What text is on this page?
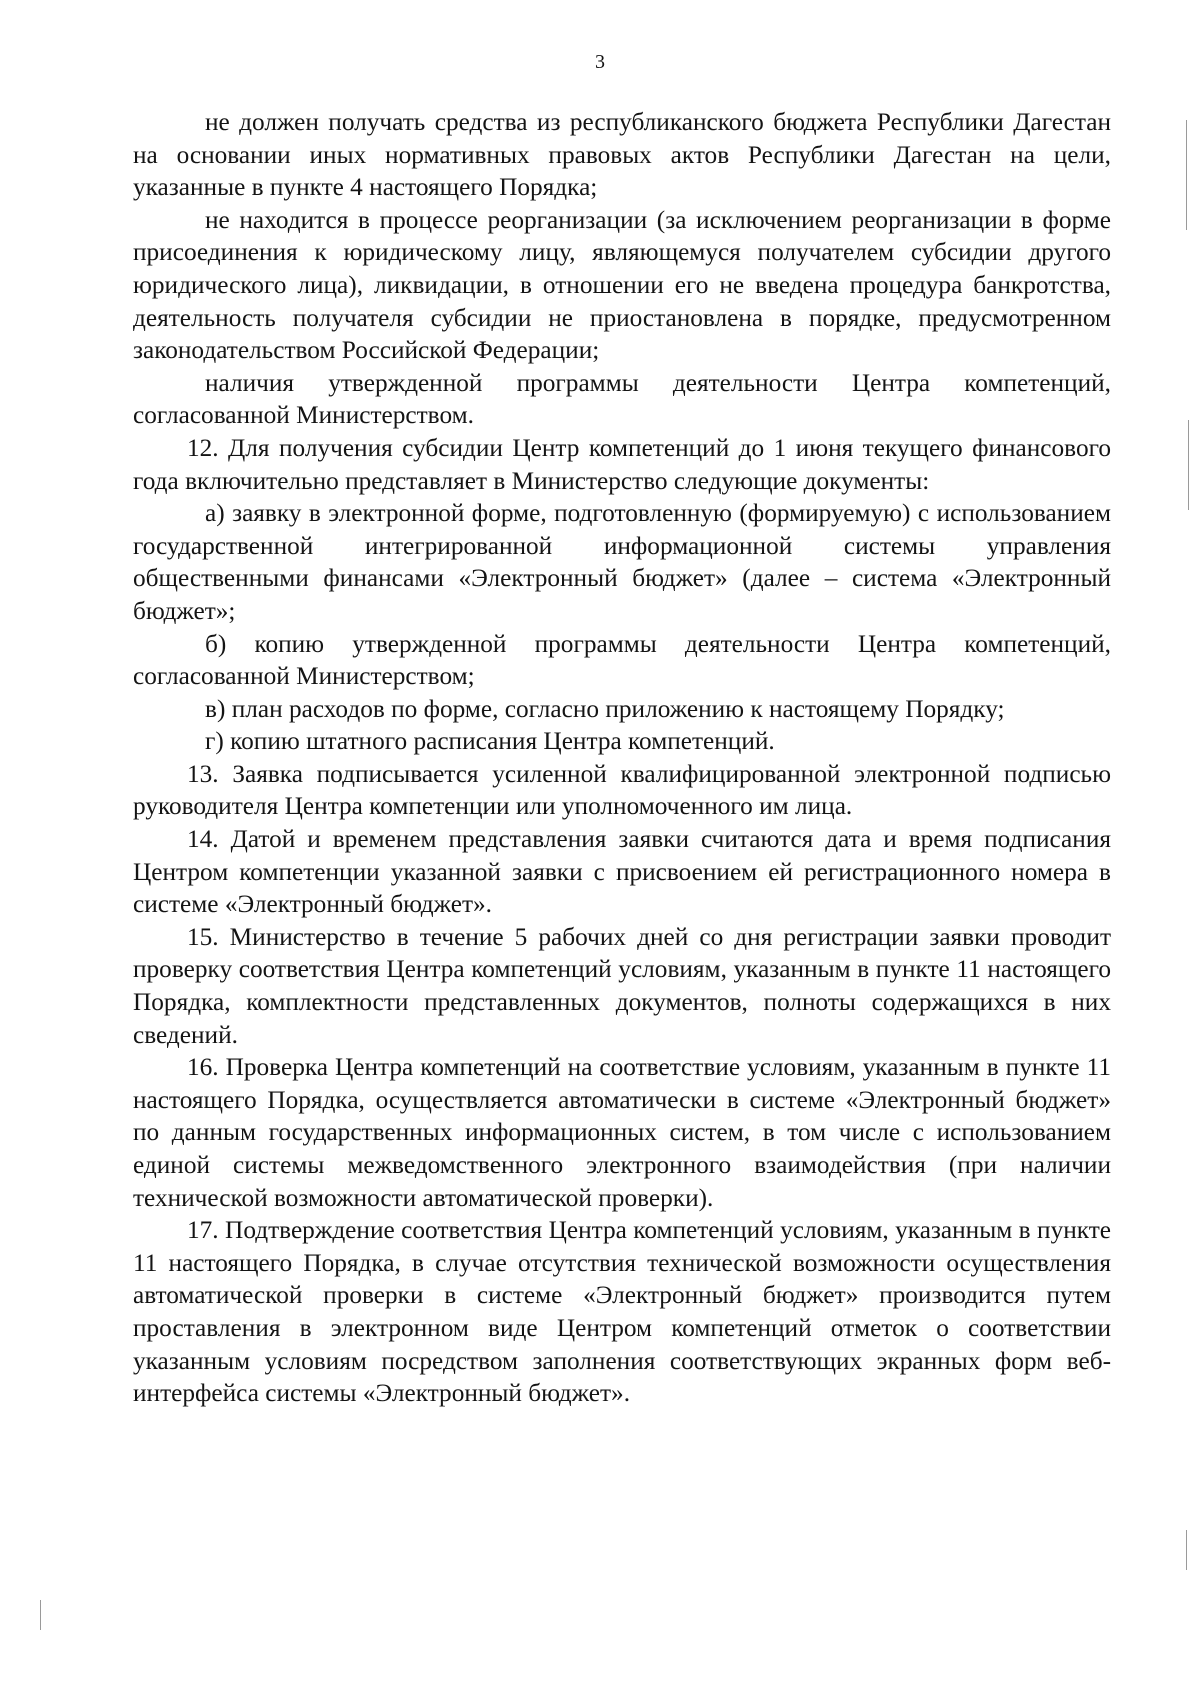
3

не должен получать средства из республиканского бюджета Республики Дагестан на основании иных нормативных правовых актов Республики Дагестан на цели, указанные в пункте 4 настоящего Порядка;

не находится в процессе реорганизации (за исключением реорганизации в форме присоединения к юридическому лицу, являющемуся получателем субсидии другого юридического лица), ликвидации, в отношении его не введена процедура банкротства, деятельность получателя субсидии не приостановлена в порядке, предусмотренном законодательством Российской Федерации;

наличия утвержденной программы деятельности Центра компетенций, согласованной Министерством.

12. Для получения субсидии Центр компетенций до 1 июня текущего финансового года включительно представляет в Министерство следующие документы:

а) заявку в электронной форме, подготовленную (формируемую) с использованием государственной интегрированной информационной системы управления общественными финансами «Электронный бюджет» (далее – система «Электронный бюджет»;

б) копию утвержденной программы деятельности Центра компетенций, согласованной Министерством;

в) план расходов по форме, согласно приложению к настоящему Порядку;

г) копию штатного расписания Центра компетенций.

13. Заявка подписывается усиленной квалифицированной электронной подписью руководителя Центра компетенции или уполномоченного им лица.

14. Датой и временем представления заявки считаются дата и время подписания Центром компетенции указанной заявки с присвоением ей регистрационного номера в системе «Электронный бюджет».

15. Министерство в течение 5 рабочих дней со дня регистрации заявки проводит проверку соответствия Центра компетенций условиям, указанным в пункте 11 настоящего Порядка, комплектности представленных документов, полноты содержащихся в них сведений.

16. Проверка Центра компетенций на соответствие условиям, указанным в пункте 11 настоящего Порядка, осуществляется автоматически в системе «Электронный бюджет» по данным государственных информационных систем, в том числе с использованием единой системы межведомственного электронного взаимодействия (при наличии технической возможности автоматической проверки).

17. Подтверждение соответствия Центра компетенций условиям, указанным в пункте 11 настоящего Порядка, в случае отсутствия технической возможности осуществления автоматической проверки в системе «Электронный бюджет» производится путем проставления в электронном виде Центром компетенций отметок о соответствии указанным условиям посредством заполнения соответствующих экранных форм веб-интерфейса системы «Электронный бюджет».
